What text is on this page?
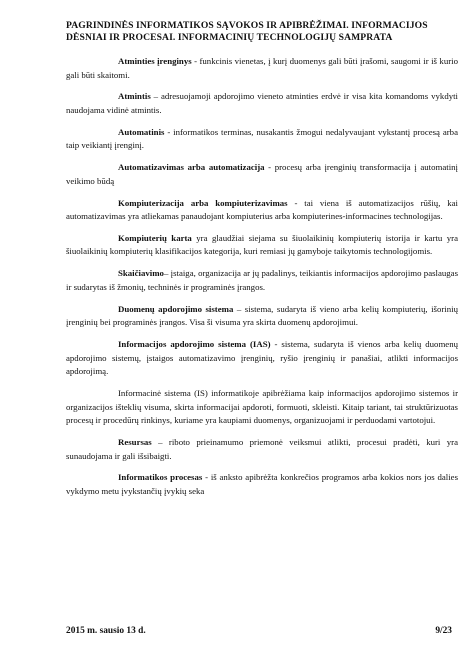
PAGRINDINĖS INFORMATIKOS SĄVOKOS IR APIBRĖŽIMAI. INFORMACIJOS
DĖSNIAI IR PROCESAI. INFORMACINIŲ TECHNOLOGIJŲ SAMPRATA

Atminties įrenginys - funkcinis vienetas, į kurį duomenys gali būti įrašomi, saugomi ir iš kurio gali būti skaitomi.

Atmintis – adresuojamoji apdorojimo vieneto atminties erdvė ir visa kita komandoms vykdyti naudojama vidinė atmintis.

Automatinis - informatikos terminas, nusakantis žmogui nedalyvaujant vykstantį procesą arba taip veikiantį įrenginį.

Automatizavimas arba automatizacija - procesų arba įrenginių transformacija į automatinį veikimo būdą

Kompiuterizacija arba kompiuterizavimas - tai viena iš automatizacijos rūšių, kai automatizavimas yra atliekamas panaudojant kompiuterius arba kompiuterines-informacines technologijas.

Kompiuterių karta yra glaudžiai siejama su šiuolaikinių kompiuterių istorija ir kartu yra šiuolaikinių kompiuterių klasifikacijos kategorija, kuri remiasi jų gamyboje taikytomis technologijomis.

Skaičiavimo– įstaiga, organizacija ar jų padalinys, teikiantis informacijos apdorojimo paslaugas ir sudarytas iš žmonių, techninės ir programinės įrangos.

Duomenų apdorojimo sistema – sistema, sudaryta iš vieno arba kelių kompiuterių, išorinių įrenginių bei programinės įrangos. Visa ši visuma yra skirta duomenų apdorojimui.

Informacijos apdorojimo sistema (IAS) - sistema, sudaryta iš vienos arba kelių duomenų apdorojimo sistemų, įstaigos automatizavimo įrenginių, ryšio įrenginių ir panašiai, atlikti informacijos apdorojimą.

Informacinė sistema (IS) informatikoje apibrėžiama kaip informacijos apdorojimo sistemos ir organizacijos išteklių visuma, skirta informacijai apdoroti, formuoti, skleisti. Kitaip tariant, tai struktūrizuotas procesų ir procedūrų rinkinys, kuriame yra kaupiami duomenys, organizuojami ir perduodami vartotojui.

Resursas – riboto prieinamumo priemonė veiksmui atlikti, procesui pradėti, kuri yra sunaudojama ir gali išsibaigti.

Informatikos procesas - iš anksto apibrėžta konkrečios programos arba kokios nors jos dalies vykdymo metu įvykstančių įvykių seka

2015 m. sausio 13 d.	9/23
